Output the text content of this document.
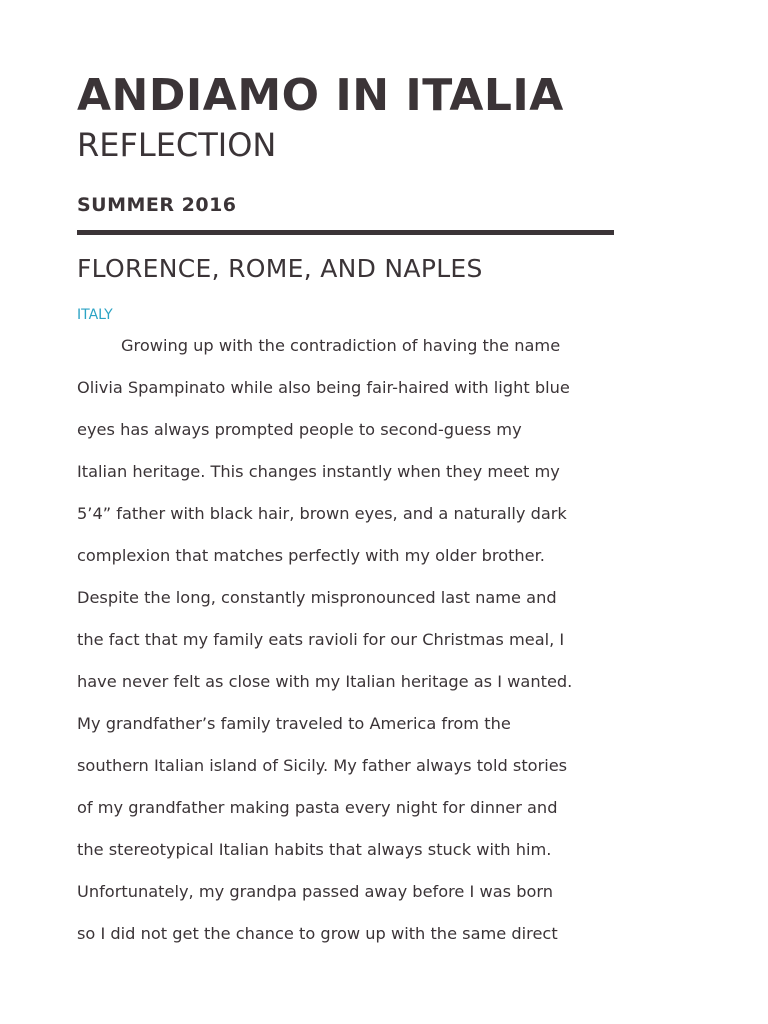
ANDIAMO IN ITALIA
REFLECTION
SUMMER 2016
FLORENCE, ROME, AND NAPLES
ITALY
Growing up with the contradiction of having the name
Olivia Spampinato while also being fair-haired with light blue
eyes has always prompted people to second-guess my
Italian heritage. This changes instantly when they meet my
5’4” father with black hair, brown eyes, and a naturally dark
complexion that matches perfectly with my older brother.
Despite the long, constantly mispronounced last name and
the fact that my family eats ravioli for our Christmas meal, I
have never felt as close with my Italian heritage as I wanted.
My grandfather’s family traveled to America from the
southern Italian island of Sicily. My father always told stories
of my grandfather making pasta every night for dinner and
the stereotypical Italian habits that always stuck with him.
Unfortunately, my grandpa passed away before I was born
so I did not get the chance to grow up with the same direct
